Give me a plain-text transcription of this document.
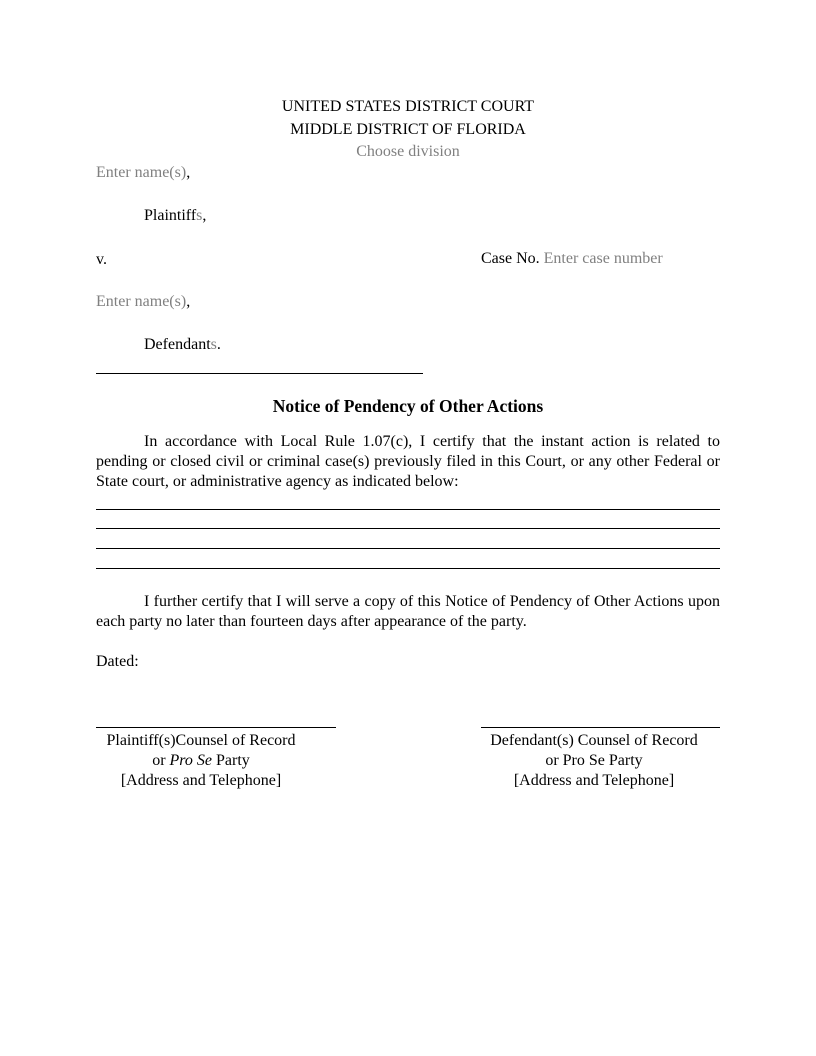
UNITED STATES DISTRICT COURT
MIDDLE DISTRICT OF FLORIDA
Choose division
Enter name(s),
Plaintiffs,
v.	Case No. Enter case number
Enter name(s),
Defendants.
Notice of Pendency of Other Actions
In accordance with Local Rule 1.07(c), I certify that the instant action is related to pending or closed civil or criminal case(s) previously filed in this Court, or any other Federal or State court, or administrative agency as indicated below:
I further certify that I will serve a copy of this Notice of Pendency of Other Actions upon each party no later than fourteen days after appearance of the party.
Dated:
Plaintiff(s)Counsel of Record
or Pro Se Party
[Address and Telephone]
Defendant(s) Counsel of Record
or Pro Se Party
[Address and Telephone]
